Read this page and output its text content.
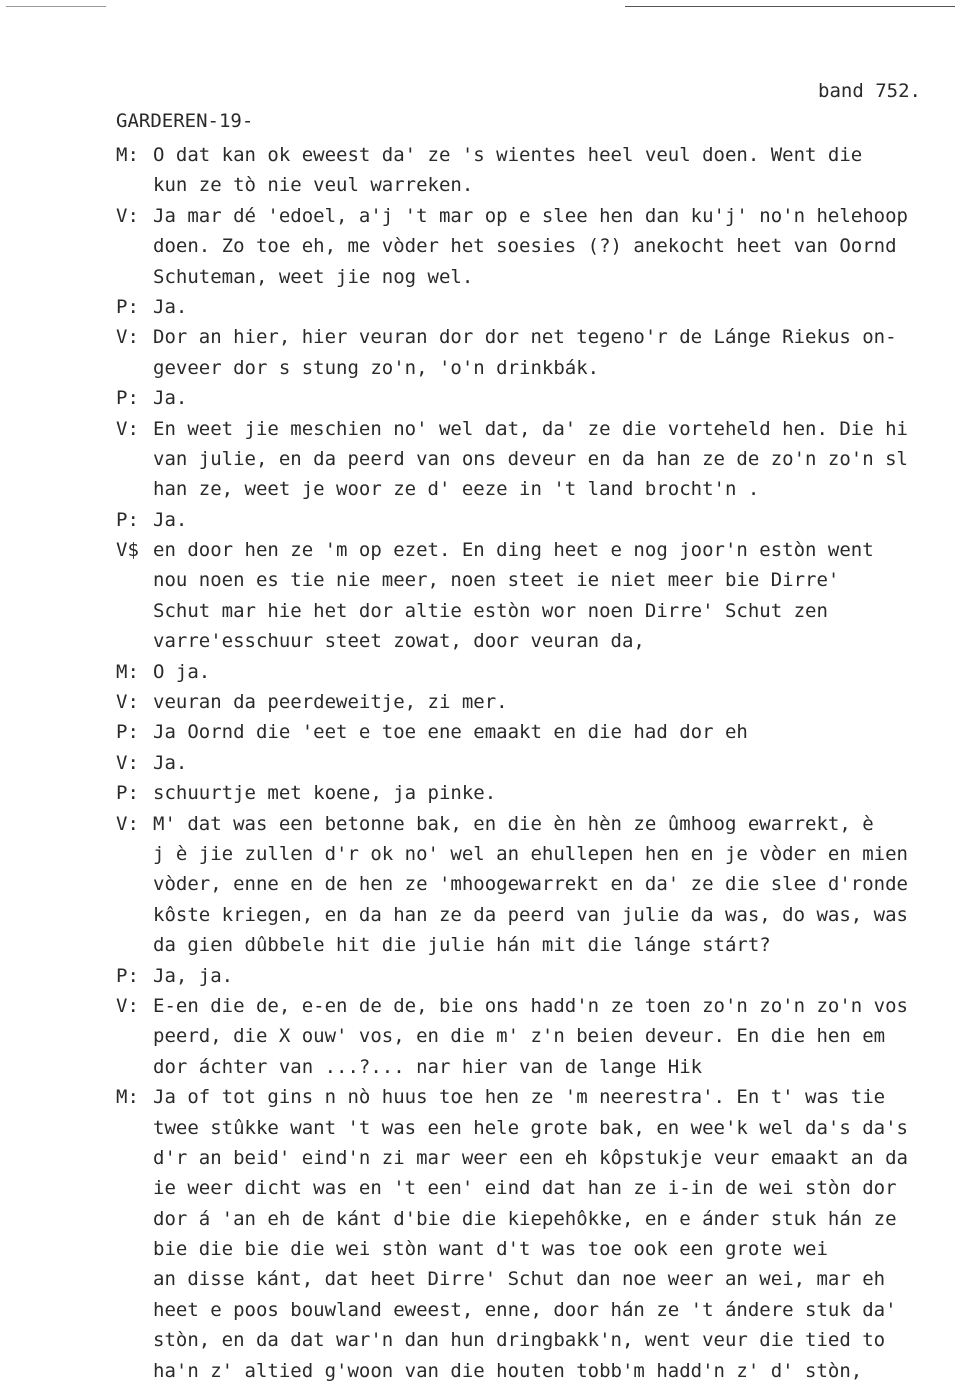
band 752.
GARDEREN-19-
M: O dat kan ok eweest da' ze 's wientes heel veul doen. Went die
kun ze tò nie veul warreken.
V: Ja mar dé 'edoel, a'j 't mar op e slee hen dan ku'j' no'n helehoop
doen. Zo toe eh, me vòder het soesies (?) anekocht heet van Oornd
Schuteman, weet jie nog wel.
P: Ja.
V: Dor an hier, hier veuran dor dor net tegeno'r de Lánge Riekus on-
geveer dor s stung zo'n, 'o'n drinkbák.
P: Ja.
V: En weet jie meschien no' wel dat, da' ze die vorteheld hen. Die hi
van julie, en da peerd van ons deveur en da han ze de zo'n zo'n sl
han ze, weet je woor ze d' eeze in 't land brocht'n .
P: Ja.
V$ en door hen ze 'm op ezet. En ding heet e nog joor'n estòn went
nou noen es tie nie meer, noen steet ie niet meer bie Dirre'
Schut mar hie het dor altie estòn wor noen Dirre' Schut zen
varre'esschuur steet zowat, door veuran da,
M: O ja.
V: veuran da peerdeweitje, zi mer.
P: Ja Oornd die 'eet e toe ene emaakt en die had dor eh
V: Ja.
P: schuurtje met koene, ja pinke.
V: M' dat was een betonne bak, en die èn hèn ze ûmhoog ewarrekt, è
j è jie zullen d'r ok no' wel an ehullepen hen en je vòder en mien
vòder, enne en de hen ze 'mhoogewarrekt en da' ze die slee d'ronde
kôste kriegen, en da han ze da peerd van julie da was, do was, was
da gien dûbbele hit die julie hán mit die lánge stárt?
P: Ja, ja.
V: E-en die de, e-en de de, bie ons hadd'n ze toen zo'n zo'n zo'n vos
peerd, die X ouw' vos, en die m' z'n beien deveur. En die hen em
dor áchter van ...?... nar hier van de lange Hik
M: Ja of tot gins n nò huus toe hen ze 'm neerestra'. En t' was tie
twee stûkke want 't was een hele grote bak, en wee'k wel da's da's
d'r an beid' eind'n zi mar weer een eh kôpstukje veur emaakt an da
ie weer dicht was en 't een' eind dat han ze i-in de wei stòn dor
dor á 'an eh de kánt d'bie die kiepehôkke, en e ánder stuk hán ze
bie die bie die wei stòn want d't was toe ook een grote wei
an disse kánt, dat heet Dirre' Schut dan noe weer an wei, mar eh
heet e poos bouwland eweest, enne, door hán ze 't ándere stuk da'
stòn, en da dat war'n dan hun dringbakk'n, went veur die tied to
ha'n z' altied g'woon van die houten tobb'm hadd'n z' d' stòn,
